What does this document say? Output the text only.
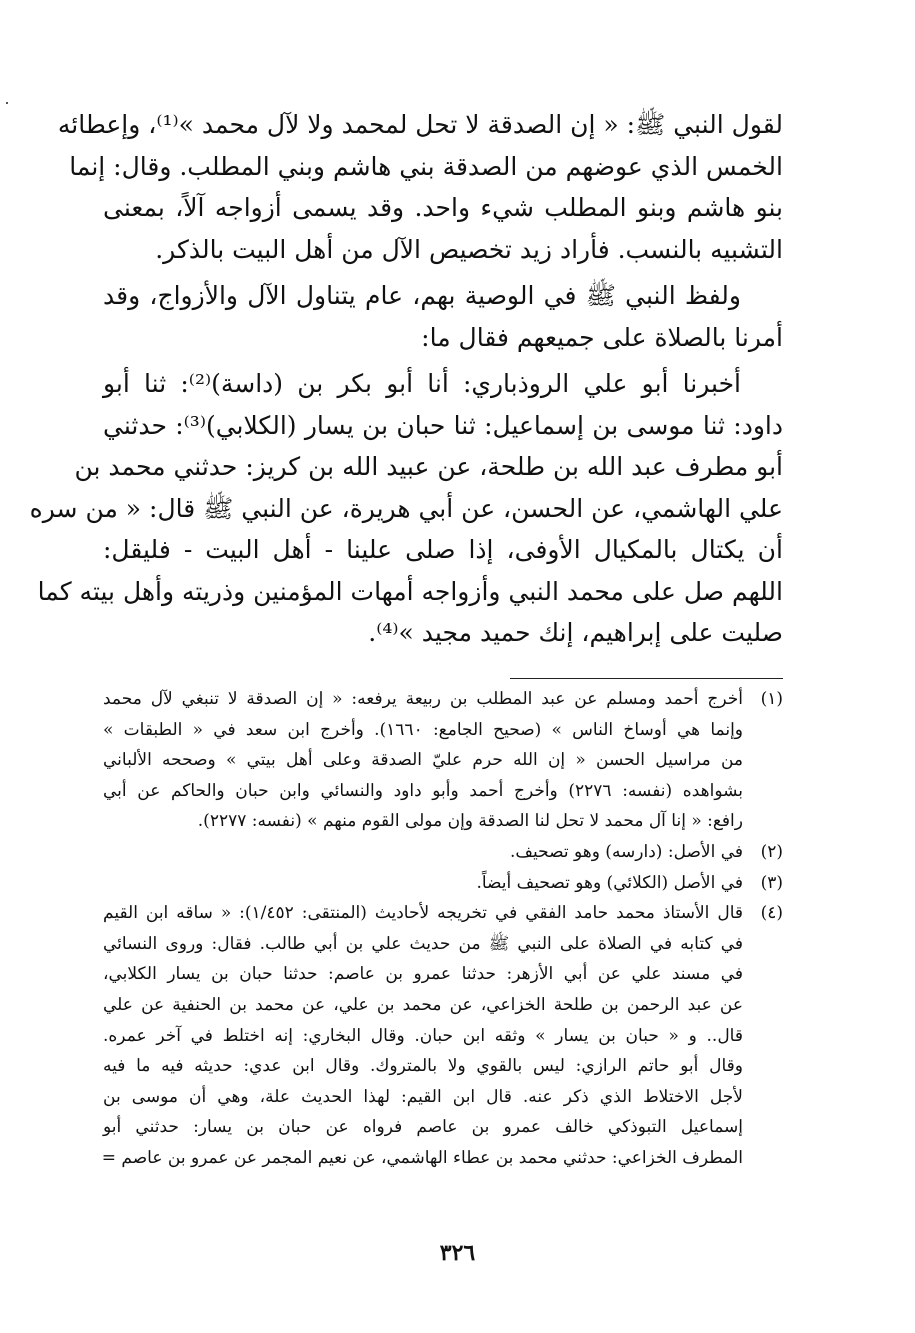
لقول النبي ﷺ: « إن الصدقة لا تحل لمحمد ولا لآل محمد »⁽¹⁾، وإعطائه
الخمس الذي عوضهم من الصدقة بني هاشم وبني المطلب. وقال: إنما
بنو هاشم وبنو المطلب شيء واحد. وقد يسمى أزواجه آلاً، بمعنى
التشبيه بالنسب. فأراد زيد تخصيص الآل من أهل البيت بالذكر.
ولفظ النبي ﷺ في الوصية بهم، عام يتناول الآل والأزواج، وقد
أمرنا بالصلاة على جميعهم فقال ما:
أخبرنا أبو علي الروذباري: أنا أبو بكر بن (داسة)⁽²⁾: ثنا أبو
داود: ثنا موسى بن إسماعيل: ثنا حبان بن يسار (الكلابي)⁽³⁾: حدثني
أبو مطرف عبد الله بن طلحة، عن عبيد الله بن كريز: حدثني محمد بن
علي الهاشمي، عن الحسن، عن أبي هريرة، عن النبي ﷺ قال: « من سره
أن يكتال بالمكيال الأوفى، إذا صلى علينا - أهل البيت - فليقل:
اللهم صل على محمد النبي وأزواجه أمهات المؤمنين وذريته وأهل بيته كما
صليت على إبراهيم، إنك حميد مجيد »⁽⁴⁾.
(١)
أخرج أحمد ومسلم عن عبد المطلب بن ربيعة يرفعه: « إن الصدقة لا تنبغي لآل محمد
وإنما هي أوساخ الناس » (صحيح الجامع: ١٦٦٠). وأخرج ابن سعد في « الطبقات »
من مراسيل الحسن « إن الله حرم عليّ الصدقة وعلى أهل بيتي » وصححه الألباني
بشواهده (نفسه: ٢٢٧٦) وأخرج أحمد وأبو داود والنسائي وابن حبان والحاكم عن أبي
رافع: « إنا آل محمد لا تحل لنا الصدقة وإن مولى القوم منهم » (نفسه: ٢٢٧٧).
(٢)
في الأصل: (دارسه) وهو تصحيف.
(٣)
في الأصل (الكلائي) وهو تصحيف أيضاً.
(٤)
قال الأستاذ محمد حامد الفقي في تخريجه لأحاديث (المنتقى: ١/٤٥٢): « ساقه ابن القيم
في كتابه في الصلاة على النبي ﷺ من حديث علي بن أبي طالب. فقال: وروى النسائي
في مسند علي عن أبي الأزهر: حدثنا عمرو بن عاصم: حدثنا حبان بن يسار الكلابي،
عن عبد الرحمن بن طلحة الخزاعي، عن محمد بن علي، عن محمد بن الحنفية عن علي
قال.. و « حبان بن يسار » وثقه ابن حبان. وقال البخاري: إنه اختلط في آخر عمره.
وقال أبو حاتم الرازي: ليس بالقوي ولا بالمتروك. وقال ابن عدي: حديثه فيه ما فيه
لأجل الاختلاط الذي ذكر عنه. قال ابن القيم: لهذا الحديث علة، وهي أن موسى بن
إسماعيل التبوذكي خالف عمرو بن عاصم فرواه عن حبان بن يسار: حدثني أبو
المطرف الخزاعي: حدثني محمد بن عطاء الهاشمي، عن نعيم المجمر عن عمرو بن عاصم =
٣٢٦
